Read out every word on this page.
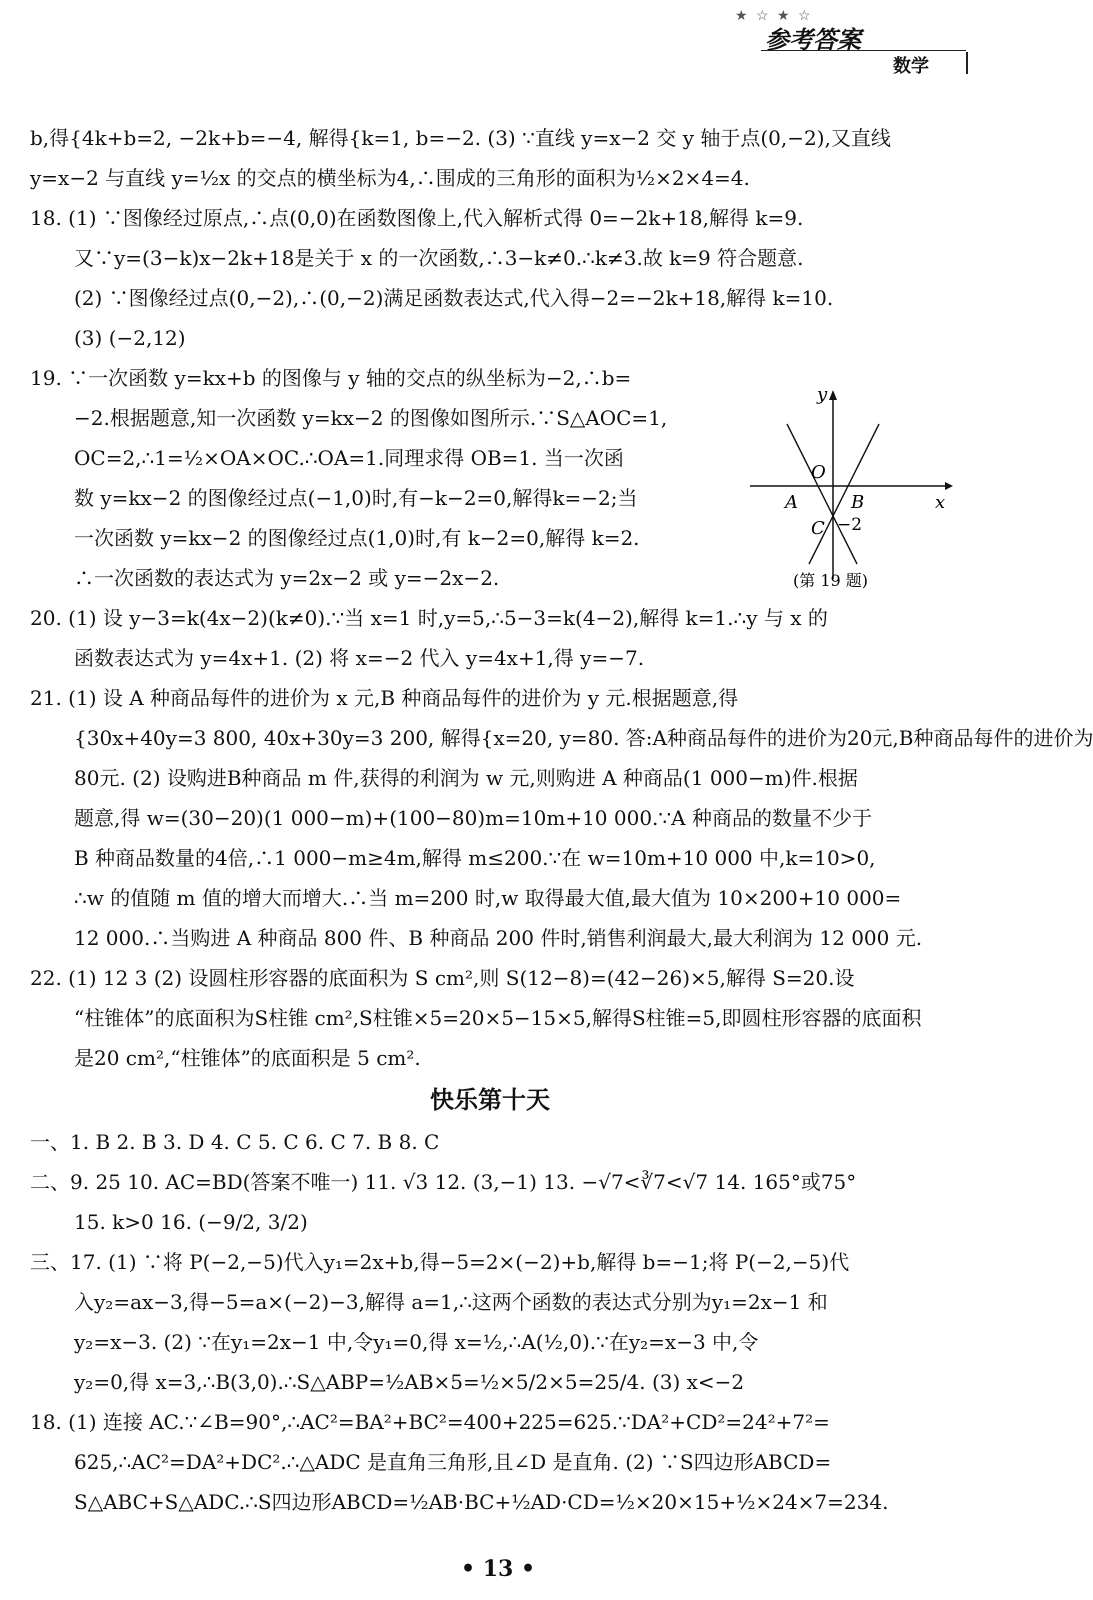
★ ☆ ★ ☆
参考答案
数学
b,得{4k+b=2, −2k+b=−4, 解得{k=1, b=−2. (3) ∵直线 y=x−2 交 y 轴于点(0,−2),又直线
y=x−2 与直线 y=½x 的交点的横坐标为4,∴围成的三角形的面积为½×2×4=4.
18. (1) ∵图像经过原点,∴点(0,0)在函数图像上,代入解析式得 0=−2k+18,解得 k=9.
又∵y=(3−k)x−2k+18是关于 x 的一次函数,∴3−k≠0.∴k≠3.故 k=9 符合题意.
(2) ∵图像经过点(0,−2),∴(0,−2)满足函数表达式,代入得−2=−2k+18,解得 k=10.
(3) (−2,12)
19. ∵一次函数 y=kx+b 的图像与 y 轴的交点的纵坐标为−2,∴b=
−2.根据题意,知一次函数 y=kx−2 的图像如图所示.∵S△AOC=1,
OC=2,∴1=½×OA×OC.∴OA=1.同理求得 OB=1. 当一次函
数 y=kx−2 的图像经过点(−1,0)时,有−k−2=0,解得k=−2;当
一次函数 y=kx−2 的图像经过点(1,0)时,有 k−2=0,解得 k=2.
∴一次函数的表达式为 y=2x−2 或 y=−2x−2.
20. (1) 设 y−3=k(4x−2)(k≠0).∵当 x=1 时,y=5,∴5−3=k(4−2),解得 k=1.∴y 与 x 的
函数表达式为 y=4x+1. (2) 将 x=−2 代入 y=4x+1,得 y=−7.
21. (1) 设 A 种商品每件的进价为 x 元,B 种商品每件的进价为 y 元.根据题意,得
{30x+40y=3 800, 40x+30y=3 200, 解得{x=20, y=80. 答:A种商品每件的进价为20元,B种商品每件的进价为
80元. (2) 设购进B种商品 m 件,获得的利润为 w 元,则购进 A 种商品(1 000−m)件.根据
题意,得 w=(30−20)(1 000−m)+(100−80)m=10m+10 000.∵A 种商品的数量不少于
B 种商品数量的4倍,∴1 000−m≥4m,解得 m≤200.∵在 w=10m+10 000 中,k=10>0,
∴w 的值随 m 值的增大而增大.∴当 m=200 时,w 取得最大值,最大值为 10×200+10 000=
12 000.∴当购进 A 种商品 800 件、B 种商品 200 件时,销售利润最大,最大利润为 12 000 元.
22. (1) 12 3 (2) 设圆柱形容器的底面积为 S cm²,则 S(12−8)=(42−26)×5,解得 S=20.设
“柱锥体”的底面积为S柱锥 cm²,S柱锥×5=20×5−15×5,解得S柱锥=5,即圆柱形容器的底面积
是20 cm²,“柱锥体”的底面积是 5 cm².
快乐第十天
一、1. B 2. B 3. D 4. C 5. C 6. C 7. B 8. C
二、9. 25 10. AC=BD(答案不唯一) 11. √3 12. (3,−1) 13. −√7<∛7<√7 14. 165°或75°
15. k>0 16. (−9/2, 3/2)
三、17. (1) ∵将 P(−2,−5)代入y₁=2x+b,得−5=2×(−2)+b,解得 b=−1;将 P(−2,−5)代
入y₂=ax−3,得−5=a×(−2)−3,解得 a=1,∴这两个函数的表达式分别为y₁=2x−1 和
y₂=x−3. (2) ∵在y₁=2x−1 中,令y₁=0,得 x=½,∴A(½,0).∵在y₂=x−3 中,令
y₂=0,得 x=3,∴B(3,0).∴S△ABP=½AB×5=½×5/2×5=25/4. (3) x<−2
18. (1) 连接 AC.∵∠B=90°,∴AC²=BA²+BC²=400+225=625.∵DA²+CD²=24²+7²=
625,∴AC²=DA²+DC².∴△ADC 是直角三角形,且∠D 是直角. (2) ∵S四边形ABCD=
S△ABC+S△ADC.∴S四边形ABCD=½AB·BC+½AD·CD=½×20×15+½×24×7=234.
y
x
O
A	B
C −2
(第 19 题)
• 13 •
